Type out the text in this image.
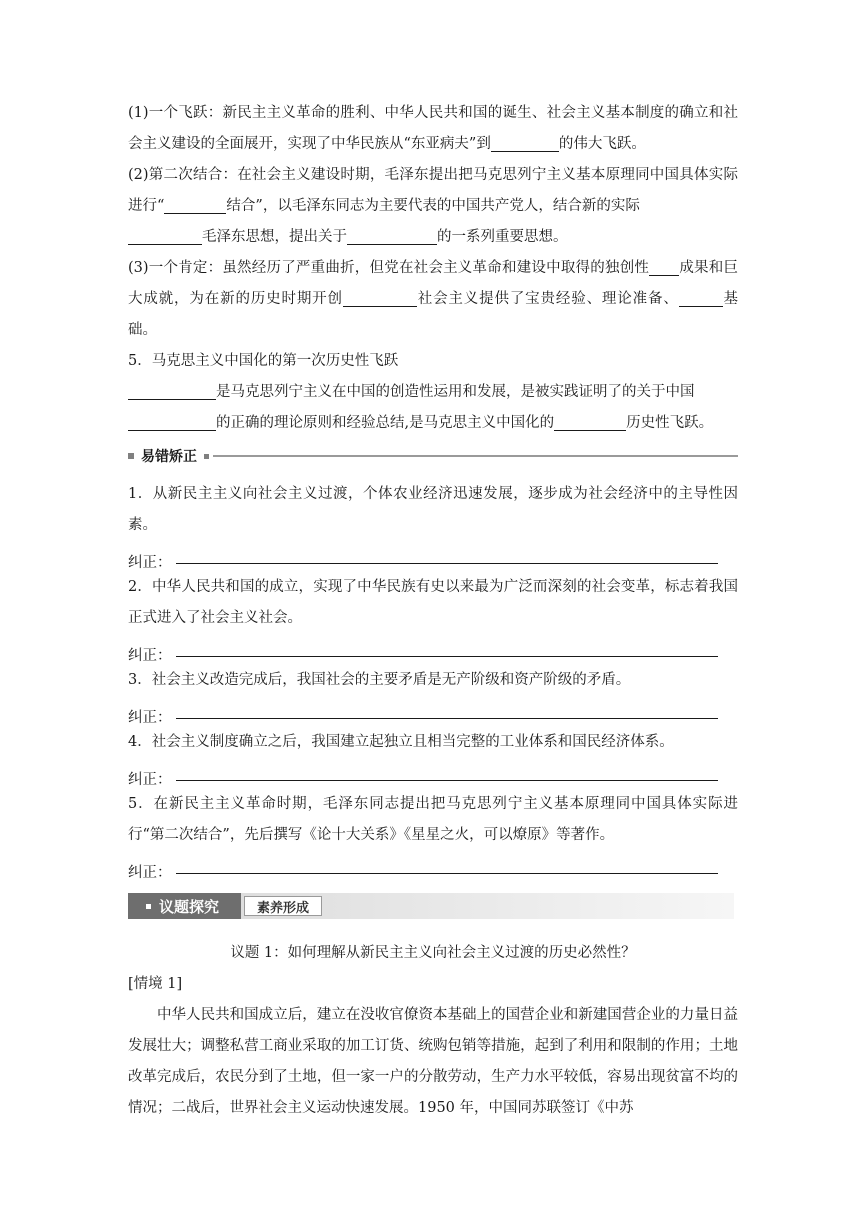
(1)一个飞跃：新民主主义革命的胜利、中华人民共和国的诞生、社会主义基本制度的确立和社会主义建设的全面展开，实现了中华民族从“东亚病夫”到	的伟大飞跃。

(2)第二次结合：在社会主义建设时期，毛泽东提出把马克思列宁主义基本原理同中国具体实际进行“	结合”，以毛泽东同志为主要代表的中国共产党人，结合新的实际
毛泽东思想，提出关于	的一系列重要思想。

(3)一个肯定：虽然经历了严重曲折，但党在社会主义革命和建设中取得的独创性 成果和巨大成就，为在新的历史时期开创	社会主义提供了宝贵经验、理论准备、	基础。

5．马克思主义中国化的第一次历史性飞跃

是马克思列宁主义在中国的创造性运用和发展，是被实践证明了的关于中国
的正确的理论原则和经验总结,是马克思主义中国化的	历史性飞跃。

易错矫正

1．从新民主主义向社会主义过渡，个体农业经济迅速发展，逐步成为社会经济中的主导性因素。

纠正：

2．中华人民共和国的成立，实现了中华民族有史以来最为广泛而深刻的社会变革，标志着我国正式进入了社会主义社会。

纠正：

3．社会主义改造完成后，我国社会的主要矛盾是无产阶级和资产阶级的矛盾。

纠正：

4．社会主义制度确立之后，我国建立起独立且相当完整的工业体系和国民经济体系。

纠正：

5．在新民主主义革命时期，毛泽东同志提出把马克思列宁主义基本原理同中国具体实际进行“第二次结合”，先后撰写《论十大关系》《星星之火，可以燎原》等著作。

纠正：
议题探究	素养形成
议题 1：如何理解从新民主主义向社会主义过渡的历史必然性？

[情境 1]

中华人民共和国成立后，建立在没收官僚资本基础上的国营企业和新建国营企业的力量日益发展壮大；调整私营工商业采取的加工订货、统购包销等措施，起到了利用和限制的作用；土地改革完成后，农民分到了土地，但一家一户的分散劳动，生产力水平较低，容易出现贫富不均的情况；二战后，世界社会主义运动快速发展。1950 年，中国同苏联签订《中苏
